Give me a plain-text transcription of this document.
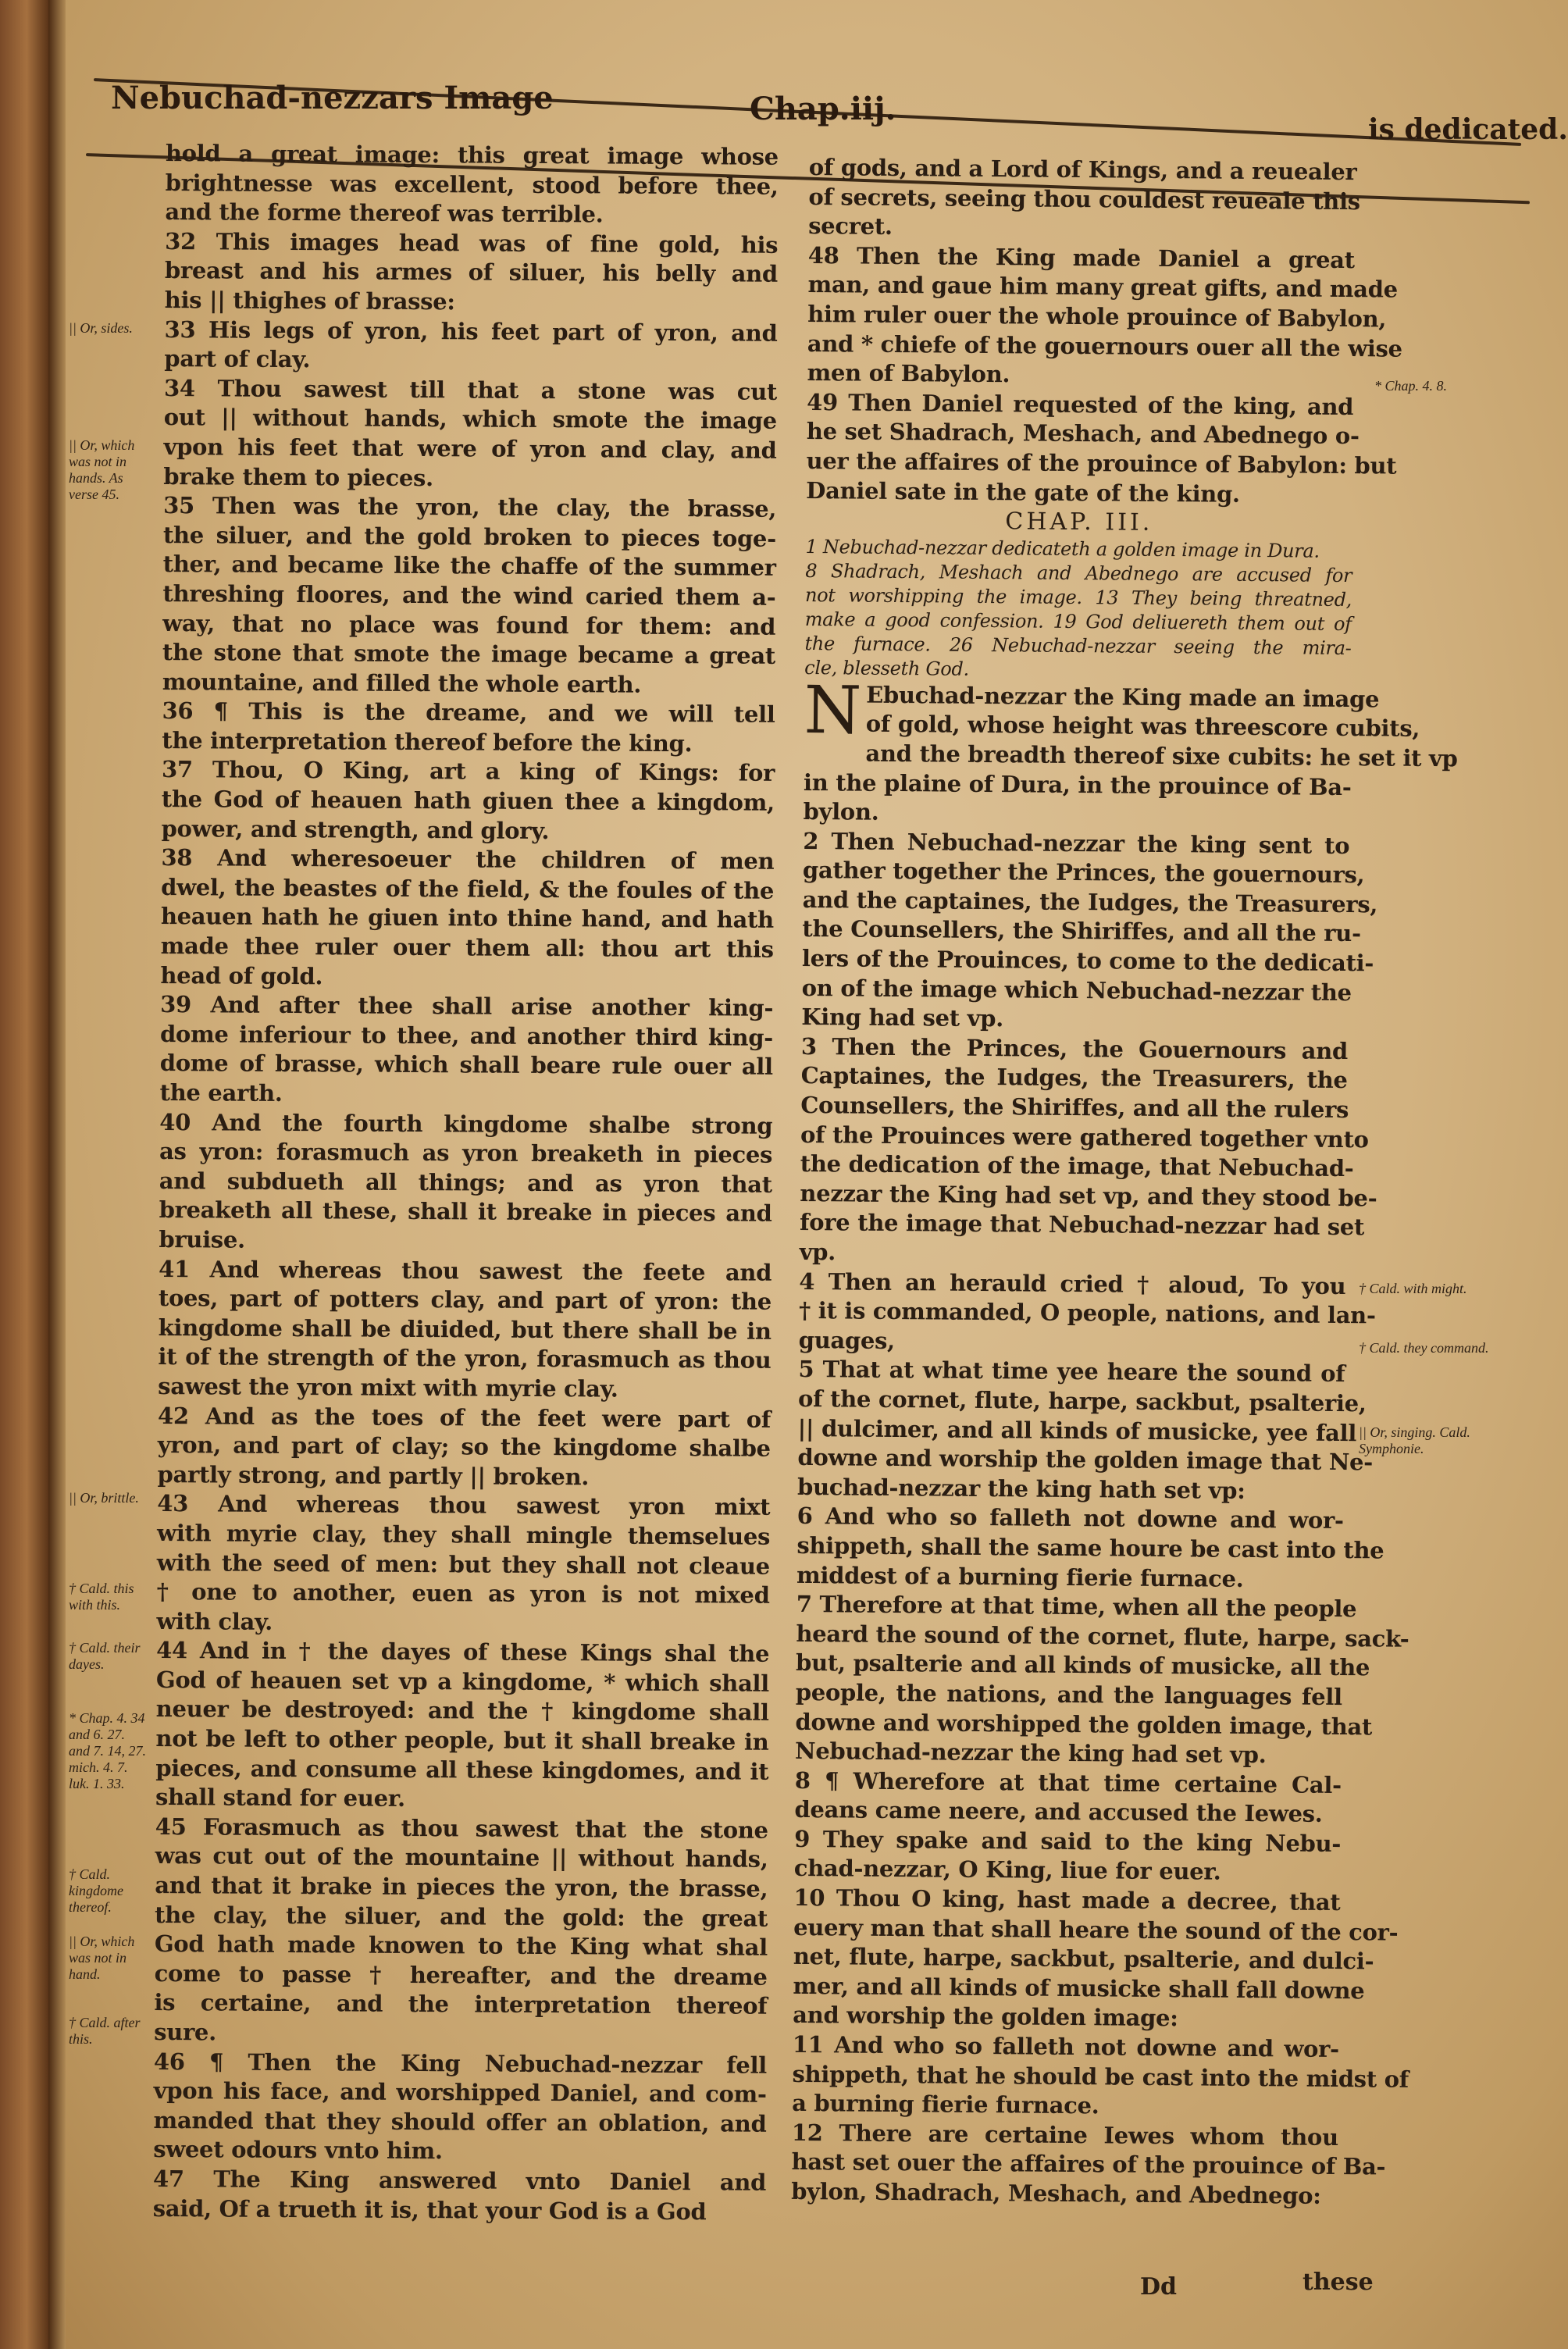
Nebuchad-nezzars Image	Chap.iij.
is dedicated.
hold a great image: this great image whose
brightnesse was excellent, stood before thee,
and the forme thereof was terrible.
32 This images head was of fine gold, his
breast and his armes of siluer, his belly and
his || thighes of brasse:
33 His legs of yron, his feet part of yron, and
part of clay.
34 Thou sawest till that a stone was cut
out || without hands, which smote the image
vpon his feet that were of yron and clay, and
brake them to pieces.
35 Then was the yron, the clay, the brasse,
the siluer, and the gold broken to pieces toge-
ther, and became like the chaffe of the summer
threshing floores, and the wind caried them a-
way, that no place was found for them: and
the stone that smote the image became a great
mountaine, and filled the whole earth.
36 ¶ This is the dreame, and we will tell
the interpretation thereof before the king.
37 Thou, O King, art a king of Kings: for
the God of heauen hath giuen thee a kingdom,
power, and strength, and glory.
38 And wheresoeuer the children of men
dwel, the beastes of the field, & the foules of the
heauen hath he giuen into thine hand, and hath
made thee ruler ouer them all: thou art this
head of gold.
39 And after thee shall arise another king-
dome inferiour to thee, and another third king-
dome of brasse, which shall beare rule ouer all
the earth.
40 And the fourth kingdome shalbe strong
as yron: forasmuch as yron breaketh in pieces
and subdueth all things; and as yron that
breaketh all these, shall it breake in pieces and
bruise.
41 And whereas thou sawest the feete and
toes, part of potters clay, and part of yron: the
kingdome shall be diuided, but there shall be in
it of the strength of the yron, forasmuch as thou
sawest the yron mixt with myrie clay.
42 And as the toes of the feet were part of
yron, and part of clay; so the kingdome shalbe
partly strong, and partly || broken.
43 And whereas thou sawest yron mixt
with myrie clay, they shall mingle themselues
with the seed of men: but they shall not cleaue
† one to another, euen as yron is not mixed
with clay.
44 And in † the dayes of these Kings shal the
God of heauen set vp a kingdome, * which shall
neuer be destroyed: and the † kingdome shall
not be left to other people, but it shall breake in
pieces, and consume all these kingdomes, and it
shall stand for euer.
45 Forasmuch as thou sawest that the stone
was cut out of the mountaine || without hands,
and that it brake in pieces the yron, the brasse,
the clay, the siluer, and the gold: the great
God hath made knowen to the King what shal
come to passe † hereafter, and the dreame
is certaine, and the interpretation thereof
sure.
46 ¶ Then the King Nebuchad-nezzar fell
vpon his face, and worshipped Daniel, and com-
manded that they should offer an oblation, and
sweet odours vnto him.
47 The King answered vnto Daniel and
said, Of a trueth it is, that your God is a God
of gods, and a Lord of Kings, and a reuealer
of secrets, seeing thou couldest reueale this
secret.
48 Then the King made Daniel a great
man, and gaue him many great gifts, and made
him ruler ouer the whole prouince of Babylon,
and * chiefe of the gouernours ouer all the wise
men of Babylon.
49 Then Daniel requested of the king, and
he set Shadrach, Meshach, and Abednego o-
uer the affaires of the prouince of Babylon: but
Daniel sate in the gate of the king.
CHAP. III.
1 Nebuchad-nezzar dedicateth a golden image in Dura.
8 Shadrach, Meshach and Abednego are accused for
not worshipping the image. 13 They being threatned,
make a good confession. 19 God deliuereth them out of
the furnace. 26 Nebuchad-nezzar seeing the mira-
cle, blesseth God.
N Ebuchad-nezzar the King made an image
of gold, whose height was threescore cubits,
and the breadth thereof sixe cubits: he set it vp
in the plaine of Dura, in the prouince of Ba-
bylon.
2 Then Nebuchad-nezzar the king sent to
gather together the Princes, the gouernours,
and the captaines, the Iudges, the Treasurers,
the Counsellers, the Shiriffes, and all the ru-
lers of the Prouinces, to come to the dedicati-
on of the image which Nebuchad-nezzar the
King had set vp.
3 Then the Princes, the Gouernours and
Captaines, the Iudges, the Treasurers, the
Counsellers, the Shiriffes, and all the rulers
of the Prouinces were gathered together vnto
the dedication of the image, that Nebuchad-
nezzar the King had set vp, and they stood be-
fore the image that Nebuchad-nezzar had set
vp.
4 Then an herauld cried † aloud, To you
† it is commanded, O people, nations, and lan-
guages,
5 That at what time yee heare the sound of
of the cornet, flute, harpe, sackbut, psalterie,
|| dulcimer, and all kinds of musicke, yee fall
downe and worship the golden image that Ne-
buchad-nezzar the king hath set vp:
6 And who so falleth not downe and wor-
shippeth, shall the same houre be cast into the
middest of a burning fierie furnace.
7 Therefore at that time, when all the people
heard the sound of the cornet, flute, harpe, sack-
but, psalterie and all kinds of musicke, all the
people, the nations, and the languages fell
downe and worshipped the golden image, that
Nebuchad-nezzar the king had set vp.
8 ¶ Wherefore at that time certaine Cal-
deans came neere, and accused the Iewes.
9 They spake and said to the king Nebu-
chad-nezzar, O King, liue for euer.
10 Thou O king, hast made a decree, that
euery man that shall heare the sound of the cor-
net, flute, harpe, sackbut, psalterie, and dulci-
mer, and all kinds of musicke shall fall downe
and worship the golden image:
11 And who so falleth not downe and wor-
shippeth, that he should be cast into the midst of
a burning fierie furnace.
12 There are certaine Iewes whom thou
hast set ouer the affaires of the prouince of Ba-
bylon, Shadrach, Meshach, and Abednego:
|| Or, sides.
|| Or, which was not in hands. As verse 45.
|| Or, brittle.
† Cald. this with this.
† Cald. their dayes.
* Chap. 4. 34 and 6. 27. and 7. 14, 27. mich. 4. 7. luk. 1. 33.
† Cald. kingdome thereof.
|| Or, which was not in hand.
† Cald. after this.
* Chap. 4. 8.
† Cald. with might.
† Cald. they command.
|| Or, singing. Cald. Symphonie.
Dd	these
